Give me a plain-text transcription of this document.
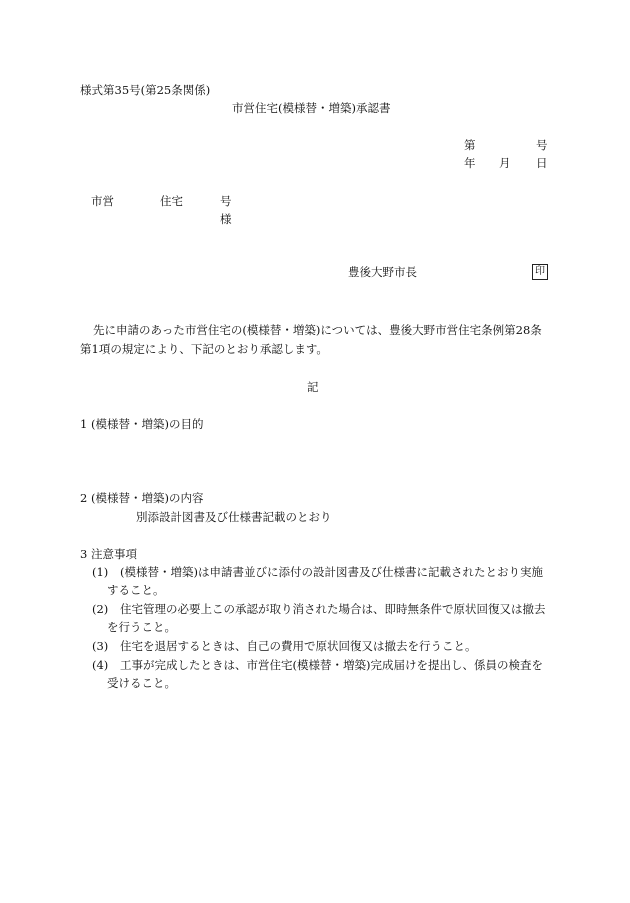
様式第35号(第25条関係)
市営住宅(模様替・増築)承認書
第	号
年 月 日
市営	住宅	号
様
豊後大野市長	印
先に申請のあった市営住宅の(模様替・増築)については、豊後大野市営住宅条例第28条
第1項の規定により、下記のとおり承認します。
記
1 (模様替・増築)の目的
2 (模様替・増築)の内容
別添設計図書及び仕様書記載のとおり
3 注意事項
(1) (模様替・増築)は申請書並びに添付の設計図書及び仕様書に記載されたとおり実施
すること。
(2) 住宅管理の必要上この承認が取り消された場合は、即時無条件で原状回復又は撤去
を行うこと。
(3) 住宅を退居するときは、自己の費用で原状回復又は撤去を行うこと。
(4) 工事が完成したときは、市営住宅(模様替・増築)完成届けを提出し、係員の検査を
受けること。
